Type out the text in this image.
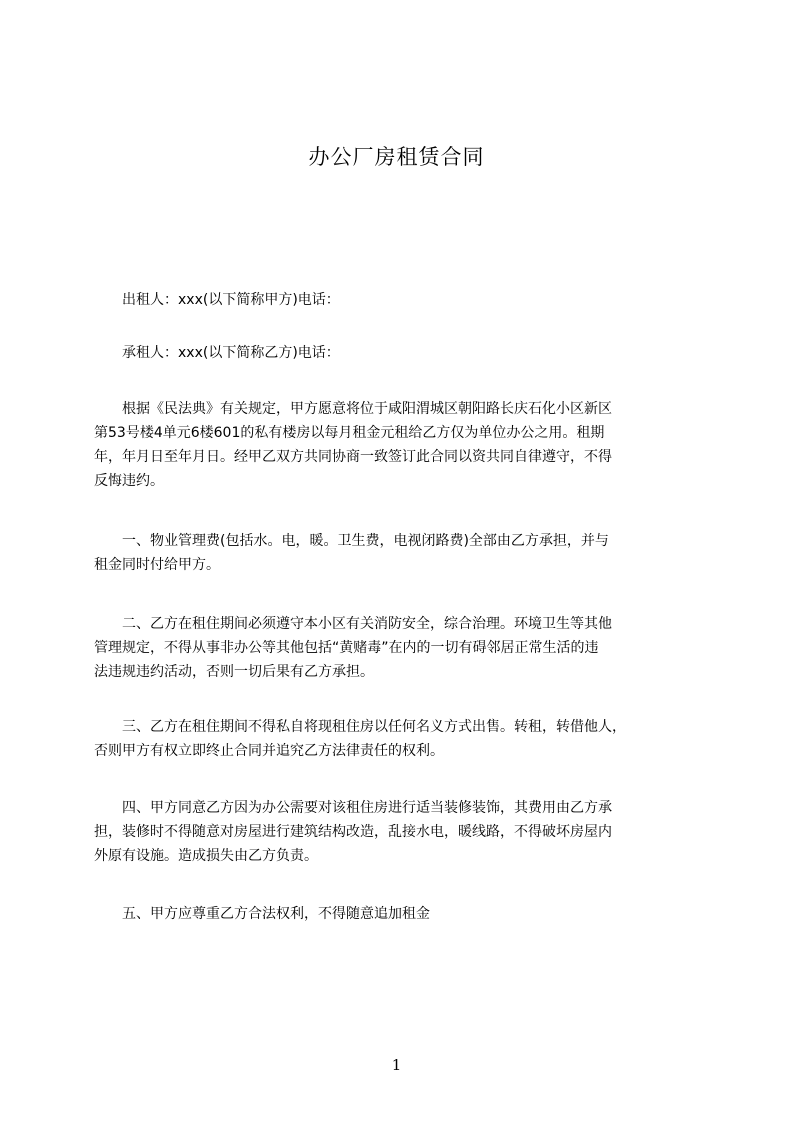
办公厂房租赁合同
　　出租人：xxx(以下简称甲方)电话：
　　承租人：xxx(以下简称乙方)电话：
　　根据《民法典》有关规定，甲方愿意将位于咸阳渭城区朝阳路长庆石化小区新区
第53号楼4单元6楼601的私有楼房以每月租金元租给乙方仅为单位办公之用。租期
年，年月日至年月日。经甲乙双方共同协商一致签订此合同以资共同自律遵守，不得
反悔违约。
　　一、物业管理费(包括水。电，暖。卫生费，电视闭路费)全部由乙方承担，并与
租金同时付给甲方。
　　二、乙方在租住期间必须遵守本小区有关消防安全，综合治理。环境卫生等其他
管理规定，不得从事非办公等其他包括“黄赌毒”在内的一切有碍邻居正常生活的违
法违规违约活动，否则一切后果有乙方承担。
　　三、乙方在租住期间不得私自将现租住房以任何名义方式出售。转租，转借他人，
否则甲方有权立即终止合同并追究乙方法律责任的权利。
　　四、甲方同意乙方因为办公需要对该租住房进行适当装修装饰，其费用由乙方承
担，装修时不得随意对房屋进行建筑结构改造，乱接水电，暖线路，不得破坏房屋内
外原有设施。造成损失由乙方负责。
　　五、甲方应尊重乙方合法权利，不得随意追加租金
1
